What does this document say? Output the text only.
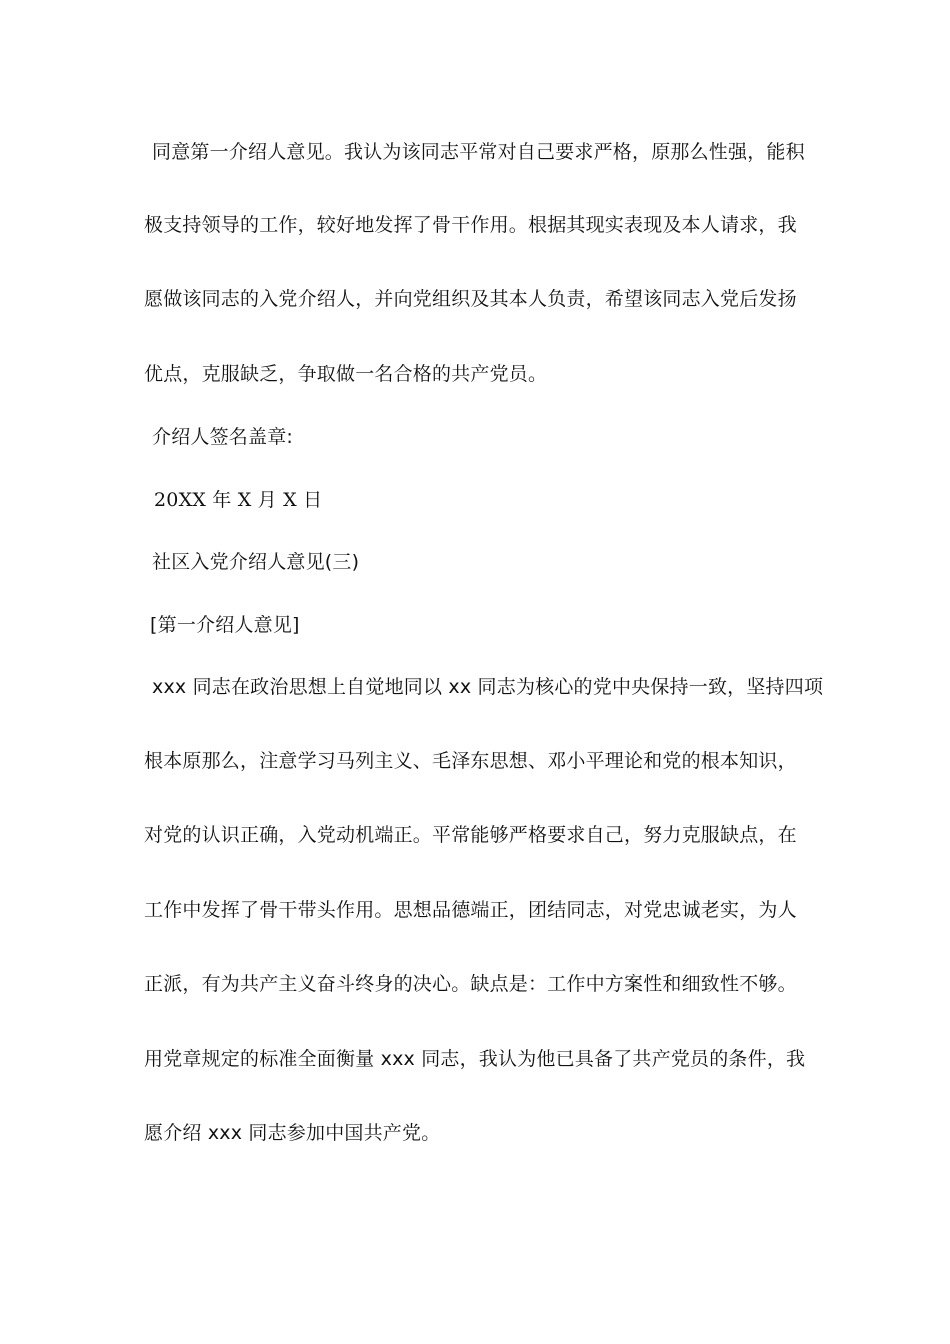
同意第一介绍人意见。我认为该同志平常对自己要求严格，原那么性强，能积
极支持领导的工作，较好地发挥了骨干作用。根据其现实表现及本人请求，我
愿做该同志的入党介绍人，并向党组织及其本人负责，希望该同志入党后发扬
优点，克服缺乏，争取做一名合格的共产党员。
介绍人签名盖章:
20XX 年 X 月 X 日
社区入党介绍人意见(三)
[第一介绍人意见]
xxx 同志在政治思想上自觉地同以 xx 同志为核心的党中央保持一致，坚持四项
根本原那么，注意学习马列主义、毛泽东思想、邓小平理论和党的根本知识，
对党的认识正确，入党动机端正。平常能够严格要求自己，努力克服缺点，在
工作中发挥了骨干带头作用。思想品德端正，团结同志，对党忠诚老实，为人
正派，有为共产主义奋斗终身的决心。缺点是：工作中方案性和细致性不够。
用党章规定的标准全面衡量 xxx 同志，我认为他已具备了共产党员的条件，我
愿介绍 xxx 同志参加中国共产党。
